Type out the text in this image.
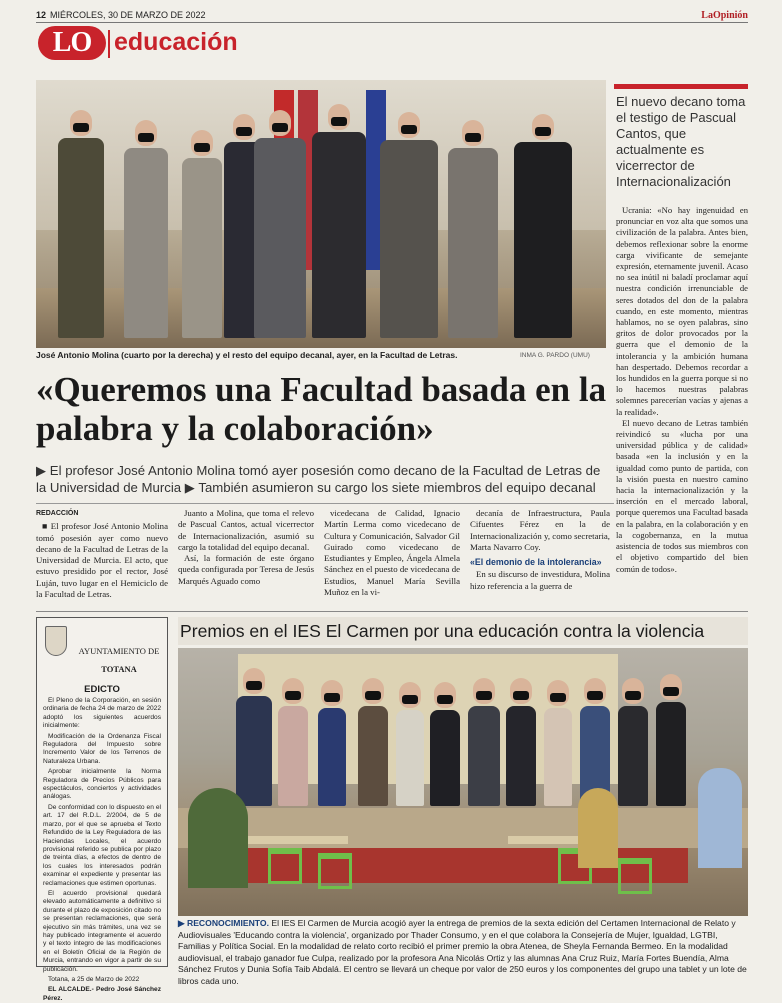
12 MIÉRCOLES, 30 DE MARZO DE 2022	LaOpinión
LO educación
José Antonio Molina (cuarto por la derecha) y el resto del equipo decanal, ayer, en la Facultad de Letras.	INMA G. PARDO (UMU)
El nuevo decano toma el testigo de Pascual Cantos, que actualmente es vicerrector de Internacionalización

Ucrania: «No hay ingenuidad en pronunciar en voz alta que somos una civilización de la palabra. Antes bien, debemos reflexionar sobre la enorme carga vivificante de semejante expresión, eternamente juvenil. Acaso no sea inútil ni baladí proclamar aquí nuestra condición irrenunciable de seres dotados del don de la palabra cuando, en este momento, mientras hablamos, no se oyen palabras, sino gritos de dolor provocados por la guerra que el demonio de la intolerancia y la ambición humana han despertado. Debemos recordar a los hundidos en la guerra porque si no lo hacemos nuestras palabras solemnes parecerían vacías y ajenas a la realidad».

El nuevo decano de Letras también reivindicó su «lucha por una universidad pública y de calidad» basada «en la inclusión y en la igualdad como punto de partida, con la visión puesta en nuestro camino hacia la internacionalización y la inserción en el mercado laboral, porque queremos una Facultad basada en la palabra, en la colaboración y en la cogobernanza, en la mutua asistencia de todos sus miembros con el objetivo compartido del bien común de todos».

«Queremos una Facultad basada en la palabra y la colaboración»
▶ El profesor José Antonio Molina tomó ayer posesión como decano de la Facultad de Letras de la Universidad de Murcia ▶ También asumieron su cargo los siete miembros del equipo decanal
REDACCIÓN

■ El profesor José Antonio Molina tomó posesión ayer como nuevo decano de la Facultad de Letras de la Universidad de Murcia. El acto, que estuvo presidido por el rector, José Luján, tuvo lugar en el Hemiciclo de la Facultad de Letras.

Juanto a Molina, que toma el relevo de Pascual Cantos, actual vicerrector de Internacionalización, asumió su cargo la totalidad del equipo decanal.

Así, la formación de este órgano queda configurada por Teresa de Jesús Marqués Aguado como

vicedecana de Calidad, Ignacio Martín Lerma como vicedecano de Cultura y Comunicación, Salvador Gil Guirado como vicedecano de Estudiantes y Empleo, Ángela Almela Sánchez en el puesto de vicedecana de Estudios, Manuel María Sevilla Muñoz en la vi-

decanía de Infraestructura, Paula Cifuentes Férez en la de Internacionalización y, como secretaria, Marta Navarro Coy.

«El demonio de la intolerancia»

En su discurso de investidura, Molina hizo referencia a la guerra de

AYUNTAMIENTO DE
TOTANA
EDICTO

El Pleno de la Corporación, en sesión ordinaria de fecha 24 de marzo de 2022 adoptó los siguientes acuerdos inicialmente:

Modificación de la Ordenanza Fiscal Reguladora del Impuesto sobre Incremento Valor de los Terrenos de Naturaleza Urbana.

Aprobar inicialmente la Norma Reguladora de Precios Públicos para espectáculos, conciertos y actividades análogas.

De conformidad con lo dispuesto en el art. 17 del R.D.L. 2/2004, de 5 de marzo, por el que se aprueba el Texto Refundido de la Ley Reguladora de las Haciendas Locales, el acuerdo provisional referido se publica por plazo de treinta días, a efectos de dentro de los cuales los interesados podrán examinar el expediente y presentar las reclamaciones que estimen oportunas.

El acuerdo provisional quedará elevado automáticamente a definitivo si durante el plazo de exposición citado no se presentan reclamaciones, que será ejecutivo sin más trámites, una vez se hay publicado íntegramente el acuerdo y el texto íntegro de las modificaciones en el Boletín Oficial de la Región de Murcia, entrando en vigor a partir de su publicación.

Totana, a 25 de Marzo de 2022

EL ALCALDE.- Pedro José Sánchez Pérez.

Premios en el IES El Carmen por una educación contra la violencia
▶ RECONOCIMIENTO. El IES El Carmen de Murcia acogió ayer la entrega de premios de la sexta edición del Certamen Internacional de Relato y Audiovisuales 'Educando contra la violencia', organizado por Thader Consumo, y en el que colabora la Consejería de Mujer, Igualdad, LGTBI, Familias y Política Social. En la modalidad de relato corto recibió el primer premio la obra Atenea, de Sheyla Fernanda Bermeo. En la modalidad audiovisual, el trabajo ganador fue Culpa, realizado por la profesora Ana Nicolás Ortiz y las alumnas Ana Cruz Ruiz, María Fortes Buendía, Alma Sánchez Frutos y Dunia Sofía Taib Abdalá. El centro se llevará un cheque por valor de 250 euros y los componentes del grupo una tablet y un lote de libros cada uno.
